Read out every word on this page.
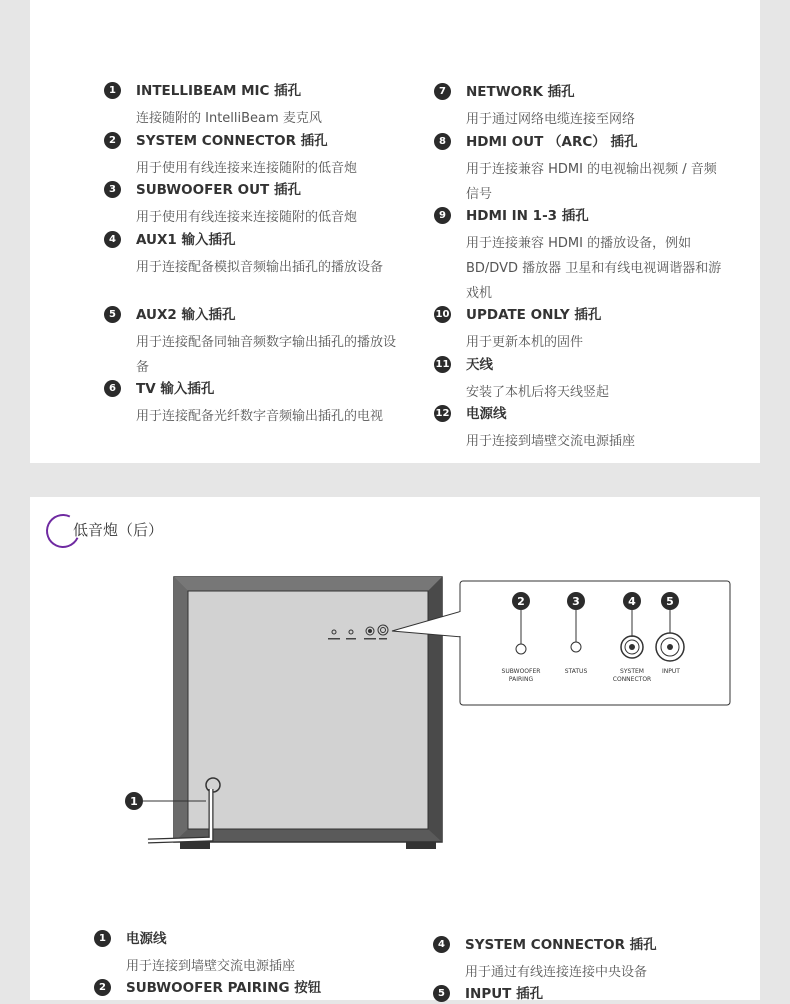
1	INTELLIBEAM MIC 插孔
连接随附的 IntelliBeam 麦克风
2	SYSTEM CONNECTOR 插孔
用于使用有线连接来连接随附的低音炮
3	SUBWOOFER OUT 插孔
用于使用有线连接来连接随附的低音炮
4	AUX1 输入插孔
用于连接配备模拟音频输出插孔的播放设备
5	AUX2 输入插孔
用于连接配备同轴音频数字输出插孔的播放设备
6	TV 输入插孔
用于连接配备光纤数字音频输出插孔的电视
7	NETWORK 插孔
用于通过网络电缆连接至网络
8	HDMI OUT （ARC） 插孔
用于连接兼容 HDMI 的电视输出视频 / 音频信号
9	HDMI IN 1-3 插孔
用于连接兼容 HDMI 的播放设备，例如 BD/DVD 播放器 卫星和有线电视调谐器和游戏机
10 UPDATE ONLY 插孔
用于更新本机的固件
11 天线
安装了本机后将天线竖起
12 电源线
用于连接到墙壁交流电源插座
低音炮（后）
1
2
SUBWOOFER
PAIRING
3
STATUS
4
SYSTEM
CONNECTOR
5
INPUT
1	电源线
用于连接到墙壁交流电源插座
2	SUBWOOFER PAIRING 按钮
4	SYSTEM CONNECTOR 插孔
用于通过有线连接连接中央设备
5	INPUT 插孔
